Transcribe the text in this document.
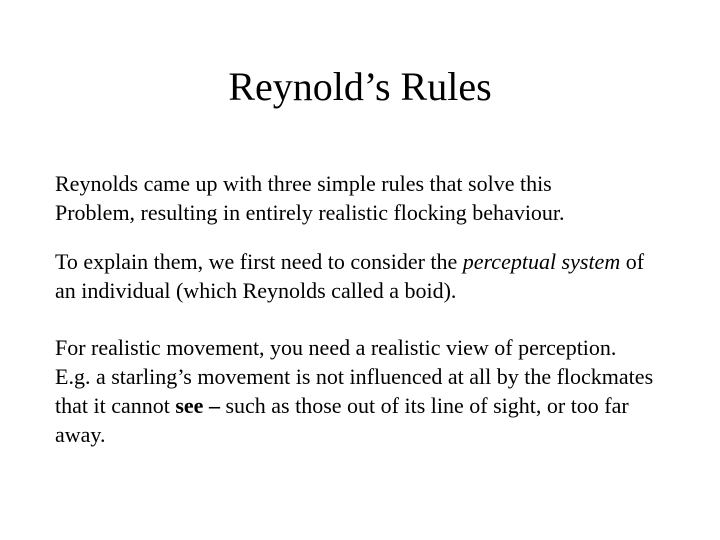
Reynold’s Rules

Reynolds came up with three simple rules that solve this
Problem, resulting in entirely realistic flocking behaviour.

To explain them, we first need to consider the perceptual system of
an individual (which Reynolds called a boid).

For realistic movement, you need a realistic view of perception.
E.g. a starling’s movement is not influenced at all by the flockmates
that it cannot see – such as those out of its line of sight, or too far
away.
